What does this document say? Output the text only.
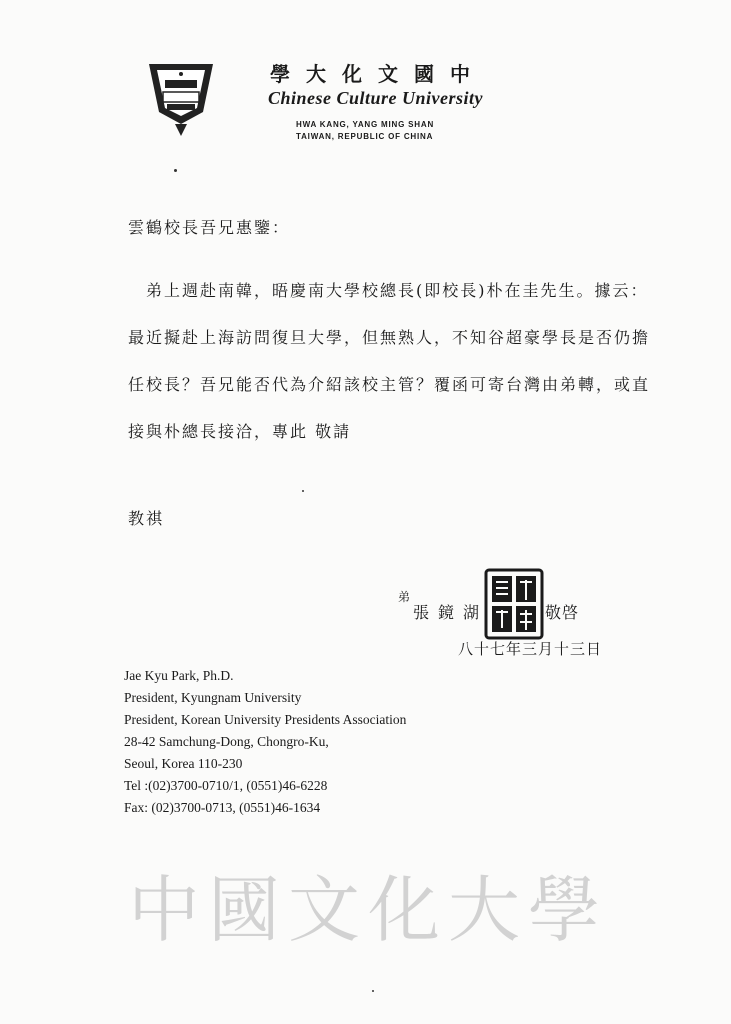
學大化文國中
Chinese Culture University
HWA KANG, YANG MING SHAN
TAIWAN, REPUBLIC OF CHINA
雲鶴校長吾兄惠鑒：
弟上週赴南韓，晤慶南大學校總長(即校長)朴在圭先生。據云：
最近擬赴上海訪問復旦大學，但無熟人，不知谷超豪學長是否仍擔
任校長？吾兄能否代為介紹該校主管？覆函可寄台灣由弟轉，或直
接與朴總長接洽，專此 敬請
教祺
弟
張鏡湖	敬啓
八十七年三月十三日
Jae Kyu Park, Ph.D.
President, Kyungnam University
President, Korean University Presidents Association
28-42 Samchung-Dong, Chongro-Ku,
Seoul, Korea 110-230
Tel :(02)3700-0710/1, (0551)46-6228
Fax: (02)3700-0713, (0551)46-1634
中國文化大學
